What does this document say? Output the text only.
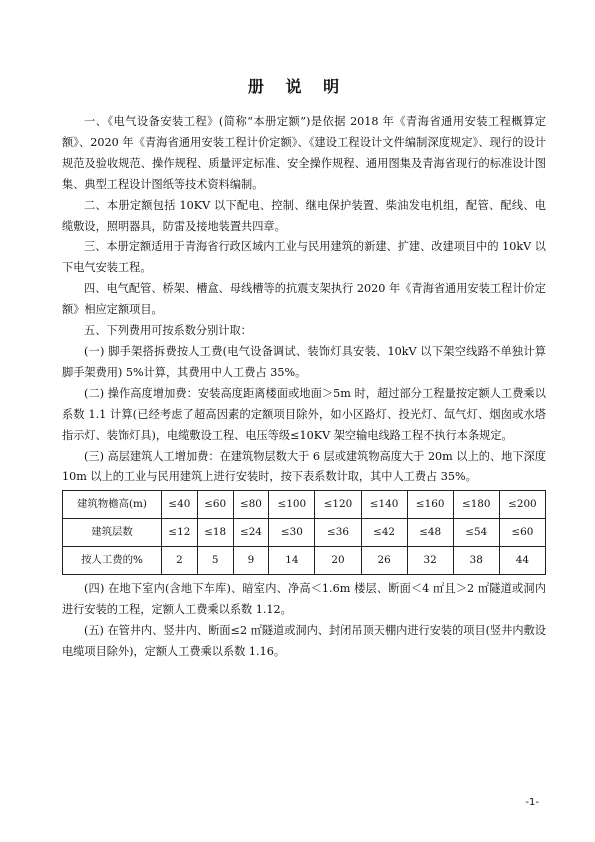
册 说 明

一、《电气设备安装工程》(简称“本册定额”)是依据 2018 年《青海省通用安装工程概算定额》、2020 年《青海省通用安装工程计价定额》、《建设工程设计文件编制深度规定》、现行的设计规范及验收规范、操作规程、质量评定标准、安全操作规程、通用图集及青海省现行的标准设计图集、典型工程设计图纸等技术资料编制。

二、本册定额包括 10KV 以下配电、控制、继电保护装置、柴油发电机组，配管、配线、电缆敷设，照明器具，防雷及接地装置共四章。

三、本册定额适用于青海省行政区域内工业与民用建筑的新建、扩建、改建项目中的 10kV 以下电气安装工程。

四、电气配管、桥架、槽盒、母线槽等的抗震支架执行 2020 年《青海省通用安装工程计价定额》相应定额项目。

五、下列费用可按系数分别计取：

(一) 脚手架搭拆费按人工费(电气设备调试、装饰灯具安装、10kV 以下架空线路不单独计算脚手架费用) 5%计算，其费用中人工费占 35%。

(二) 操作高度增加费：安装高度距离楼面或地面＞5m 时，超过部分工程量按定额人工费乘以系数 1.1 计算(已经考虑了超高因素的定额项目除外，如小区路灯、投光灯、氙气灯、烟囱或水塔指示灯、装饰灯具)，电缆敷设工程、电压等级≤10KV 架空输电线路工程不执行本条规定。

(三) 高层建筑人工增加费：在建筑物层数大于 6 层或建筑物高度大于 20m 以上的、地下深度 10m 以上的工业与民用建筑上进行安装时，按下表系数计取，其中人工费占 35%。

建筑物檐高(m)	≤40	≤60	≤80	≤100	≤120	≤140	≤160	≤180	≤200
建筑层数	≤12	≤18	≤24	≤30	≤36	≤42	≤48	≤54	≤60
按人工费的%	2	5	9	14	20	26	32	38	44

(四) 在地下室内(含地下车库)、暗室内、净高＜1.6m 楼层、断面＜4 ㎡且＞2 ㎡隧道或洞内进行安装的工程，定额人工费乘以系数 1.12。

(五) 在管井内、竖井内、断面≤2 ㎡隧道或洞内、封闭吊顶天棚内进行安装的项目(竖井内敷设电缆项目除外)，定额人工费乘以系数 1.16。

-1-
